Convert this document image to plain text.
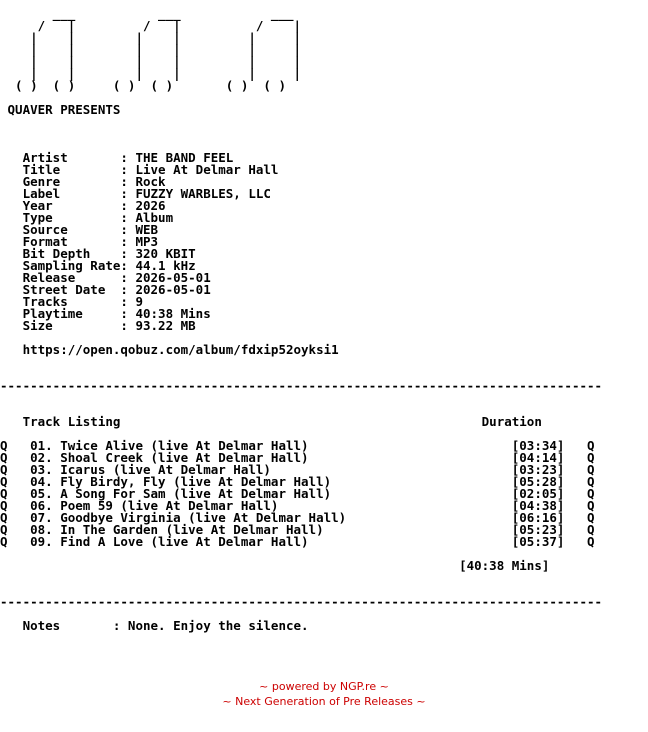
___           ___            ___
/   |         /   |          /    |
|    |        |    |         |     |
|    |        |    |         |     |
|    |        |    |         |     |
|    |        |    |         |     |
( )  ( )     ( )  ( )       ( )  ( )

QUAVER PRESENTS

Artist       : THE BAND FEEL
Title        : Live At Delmar Hall
Genre        : Rock
Label        : FUZZY WARBLES, LLC
Year         : 2026
Type         : Album
Source       : WEB
Format       : MP3
Bit Depth    : 320 KBIT
Sampling Rate: 44.1 kHz
Release      : 2026-05-01
Street Date  : 2026-05-01
Tracks       : 9
Playtime     : 40:38 Mins
Size         : 93.22 MB

https://open.qobuz.com/album/fdxip52oyksi1

--------------------------------------------------------------------------------

Track Listing                                                Duration

Q   01. Twice Alive (live At Delmar Hall)                           [03:34]   Q
Q   02. Shoal Creek (live At Delmar Hall)                           [04:14]   Q
Q   03. Icarus (live At Delmar Hall)                                [03:23]   Q
Q   04. Fly Birdy, Fly (live At Delmar Hall)                        [05:28]   Q
Q   05. A Song For Sam (live At Delmar Hall)                        [02:05]   Q
Q   06. Poem 59 (live At Delmar Hall)                               [04:38]   Q
Q   07. Goodbye Virginia (live At Delmar Hall)                      [06:16]   Q
Q   08. In The Garden (live At Delmar Hall)                         [05:23]   Q
Q   09. Find A Love (live At Delmar Hall)                           [05:37]   Q

[40:38 Mins]

--------------------------------------------------------------------------------

Notes       : None. Enjoy the silence.
~ powered by NGP.re ~
~ Next Generation of Pre Releases ~
